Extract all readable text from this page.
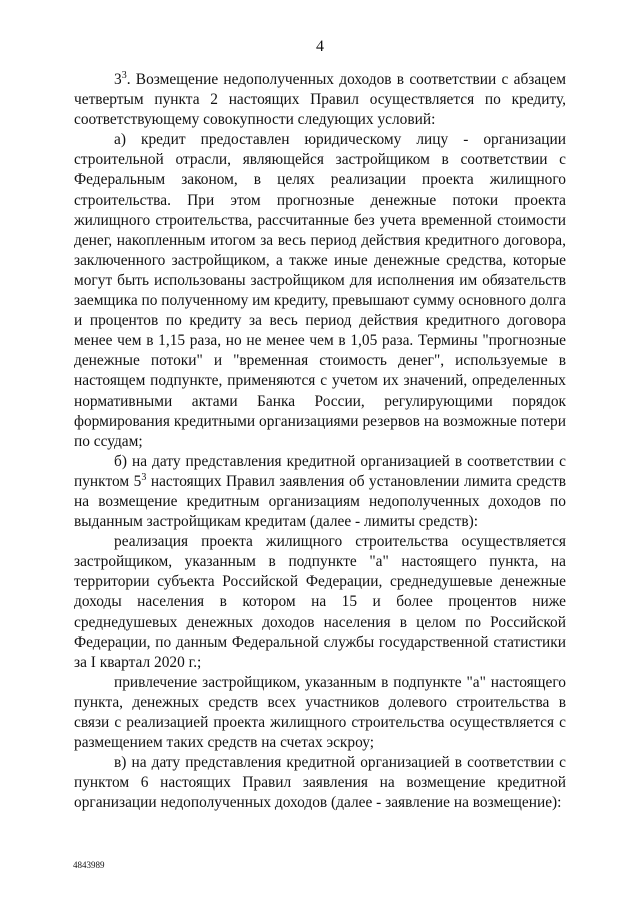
4

$3^3$. Возмещение недополученных доходов в соответствии с абзацем четвертым пункта 2 настоящих Правил осуществляется по кредиту, соответствующему совокупности следующих условий:

а) кредит предоставлен юридическому лицу - организации строительной отрасли, являющейся застройщиком в соответствии с Федеральным законом, в целях реализации проекта жилищного строительства. При этом прогнозные денежные потоки проекта жилищного строительства, рассчитанные без учета временной стоимости денег, накопленным итогом за весь период действия кредитного договора, заключенного застройщиком, а также иные денежные средства, которые могут быть использованы застройщиком для исполнения им обязательств заемщика по полученному им кредиту, превышают сумму основного долга и процентов по кредиту за весь период действия кредитного договора менее чем в 1,15 раза, но не менее чем в 1,05 раза. Термины "прогнозные денежные потоки" и "временная стоимость денег", используемые в настоящем подпункте, применяются с учетом их значений, определенных нормативными актами Банка России, регулирующими порядок формирования кредитными организациями резервов на возможные потери по ссудам;

б) на дату представления кредитной организацией в соответствии с пунктом $5^3$ настоящих Правил заявления об установлении лимита средств на возмещение кредитным организациям недополученных доходов по выданным застройщикам кредитам (далее - лимиты средств):

реализация проекта жилищного строительства осуществляется застройщиком, указанным в подпункте "а" настоящего пункта, на территории субъекта Российской Федерации, среднедушевые денежные доходы населения в котором на 15 и более процентов ниже среднедушевых денежных доходов населения в целом по Российской Федерации, по данным Федеральной службы государственной статистики за I квартал 2020 г.;

привлечение застройщиком, указанным в подпункте "а" настоящего пункта, денежных средств всех участников долевого строительства в связи с реализацией проекта жилищного строительства осуществляется с размещением таких средств на счетах эскроу;

в) на дату представления кредитной организацией в соответствии с пунктом 6 настоящих Правил заявления на возмещение кредитной организации недополученных доходов (далее - заявление на возмещение):

4843989
